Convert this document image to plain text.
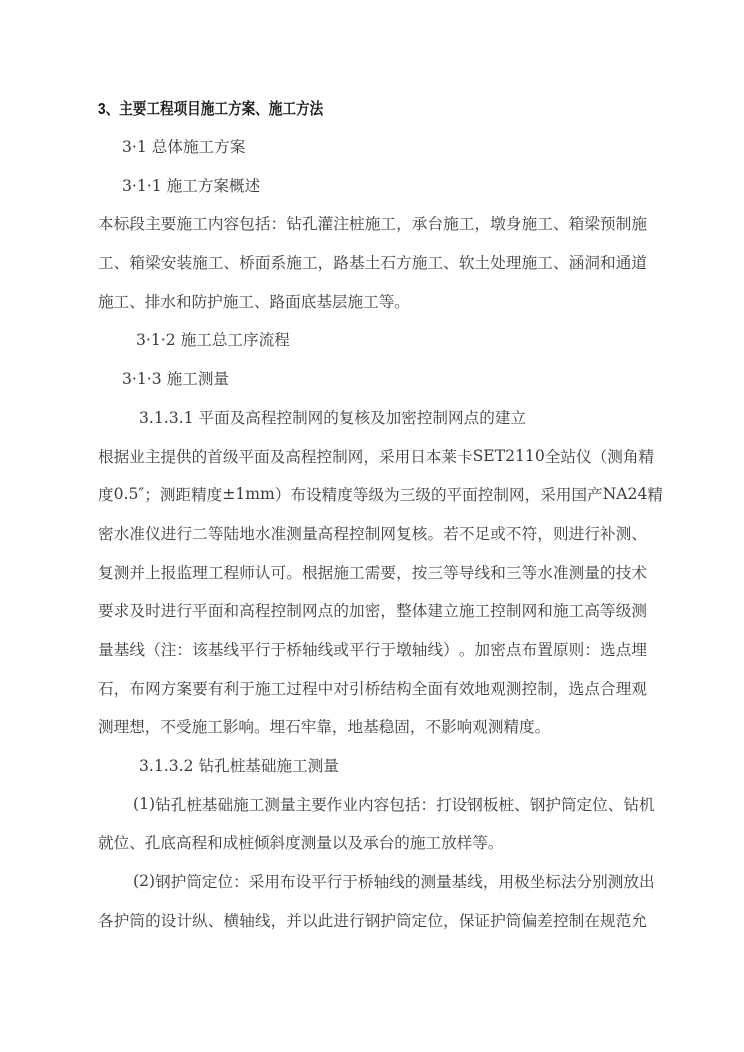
3、主要工程项目施工方案、施工方法
3·1 总体施工方案
3·1·1 施工方案概述
本 标 段 主 要 施 工 内 容 包 括 ： 钻 孔 灌 注 桩 施 工 ， 承 台 施 工 ， 墩 身 施 工 、 箱 梁 预 制 施
工 、 箱 梁 安 装 施 工 、 桥 面 系 施 工 ， 路 基 土 石 方 施 工 、 软 土 处 理 施 工 、 涵 洞 和 通 道
施工、排水和防护施工、路面底基层施工等。
3·1·2 施工总工序流程
3·1·3 施工测量
3.1.3.1 平面及高程控制网的复核及加密控制网点的建立
根 据 业 主 提 供 的 首 级 平 面 及 高 程 控 制 网 ， 采 用 日 本 莱 卡 SET2110 全 站 仪 （ 测 角 精
度 0.5″ ； 测 距 精 度 ±1mm ） 布 设 精 度 等 级 为 三 级 的 平 面 控 制 网 ， 采 用 国 产 NA24 精
密 水 准 仪 进 行 二 等 陆 地 水 准 测 量 高 程 控 制 网 复 核 。 若 不 足 或 不 符 ， 则 进 行 补 测 、
复 测 并 上 报 监 理 工 程 师 认 可 。 根 据 施 工 需 要 ， 按 三 等 导 线 和 三 等 水 准 测 量 的 技 术
要 求 及 时 进 行 平 面 和 高 程 控 制 网 点 的 加 密 ， 整 体 建 立 施 工 控 制 网 和 施 工 高 等 级 测
量 基 线 （ 注 ： 该 基 线 平 行 于 桥 轴 线 或 平 行 于 墩 轴 线 ） 。 加 密 点 布 置 原 则 ： 选 点 埋
石 ， 布 网 方 案 要 有 利 于 施 工 过 程 中 对 引 桥 结 构 全 面 有 效 地 观 测 控 制 ， 选 点 合 理 观
测理想，不受施工影响。埋石牢靠，地基稳固，不影响观测精度。
3.1.3.2 钻孔桩基础施工测量
(1) 钻 孔 桩 基 础 施 工 测 量 主 要 作 业 内 容 包 括 ： 打 设 钢 板 桩 、 钢 护 筒 定 位 、 钻 机
就位、孔底高程和成桩倾斜度测量以及承台的施工放样等。
(2) 钢 护 筒 定 位 ： 采 用 布 设 平 行 于 桥 轴 线 的 测 量 基 线 ， 用 极 坐 标 法 分 别 测 放 出
各 护 筒 的 设 计 纵 、 横 轴 线 ， 并 以 此 进 行 钢 护 筒 定 位 ， 保 证 护 筒 偏 差 控 制 在 规 范 允
